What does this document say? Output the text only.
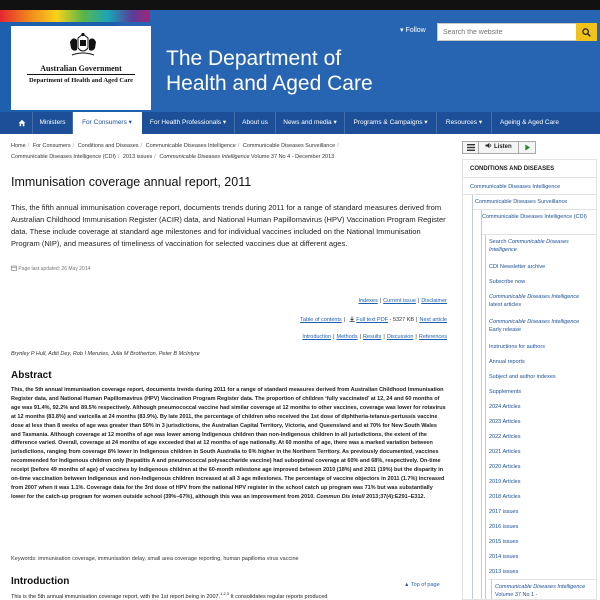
Australian Government
Department of Health and Aged Care
The Department of
Health and Aged Care
▾ Follow
Search the website
Ministers	For Consumers ▾	For Health Professionals ▾	About us	News and media ▾	Programs & Campaigns ▾	Resources ▾	Ageing & Aged Care
Home / For Consumers / Conditions and Diseases / Communicable Diseases Intelligence / Communicable Diseases Surveillance /
Communicable Diseases Intelligence (CDI) / 2013 issues / Communicable Diseases Intelligence Volume 37 No 4 - December 2013
Immunisation coverage annual report, 2011

This, the fifth annual immunisation coverage report, documents trends during 2011 for a range of standard measures derived from Australian Childhood Immunisation Register (ACIR) data, and National Human Papillomavirus (HPV) Vaccination Program Register data. These include coverage at standard age milestones and for individual vaccines included on the National Immunisation Program (NIP), and measures of timeliness of vaccination for selected vaccines due at different ages.

Page last updated: 26 May 2014
Indexes | Current issue | Disclaimer
Table of contents | Full text PDF - 5327 KB | Next article
Introduction | Methods | Results | Discussion | References
Brynley P Hull, Aditi Dey, Rob I Menzies, Julia M Brotherton, Peter B McIntyre
Abstract

This, the 5th annual immunisation coverage report, documents trends during 2011 for a range of standard measures derived from Australian Childhood Immunisation Register data, and National Human Papillomavirus (HPV) Vaccination Program Register data. The proportion of children ‘fully vaccinated’ at 12, 24 and 60 months of age was 91.4%, 92.2% and 89.5% respectively. Although pneumococcal vaccine had similar coverage at 12 months to other vaccines, coverage was lower for rotavirus at 12 months (83.8%) and varicella at 24 months (83.9%). By late 2011, the percentage of children who received the 1st dose of diphtheria-tetanus-pertussis vaccine dose at less than 8 weeks of age was greater than 50% in 3 jurisdictions, the Australian Capital Territory, Victoria, and Queensland and at 70% for New South Wales and Tasmania. Although coverage at 12 months of age was lower among Indigenous children than non-Indigenous children in all jurisdictions, the extent of the difference varied. Overall, coverage at 24 months of age exceeded that at 12 months of age nationally. At 60 months of age, there was a marked variation between jurisdictions, ranging from coverage 8% lower in Indigenous children in South Australia to 6% higher in the Northern Territory. As previously documented, vaccines recommended for Indigenous children only (hepatitis A and pneumococcal polysaccharide vaccine) had suboptimal coverage at 60% and 68%, respectively. On-time receipt (before 49 months of age) of vaccines by Indigenous children at the 60-month milestone age improved between 2010 (18%) and 2011 (19%) but the disparity in on-time vaccination between Indigenous and non-Indigenous children increased at all 3 age milestones. The percentage of vaccine objectors in 2011 (1.7%) increased from 2007 when it was 1.1%. Coverage data for the 3rd dose of HPV from the national HPV register in the school catch up program was 71% but was substantially lower for the catch-up program for women outside school (39%–67%), although this was an improvement from 2010. Commun Dis Intell 2013;37(4):E291–E312.

Keywords: immunisation coverage, immunisation delay, small area coverage reporting, human papilloma virus vaccine
Introduction	▲ Top of page
This is the 5th annual immunisation coverage report, with the 1st report being in 2007.$^{1,2,3}$ It consolidates regular reports produced
Listen
CONDITIONS AND DISEASES
Communicable Diseases Intelligence
Communicable Diseases Surveillance
Communicable Diseases Intelligence (CDI)
Search Communicable Diseases Intelligence
CDI Newsletter archive
Subscribe now
Communicable Diseases Intelligence latest articles
Communicable Diseases Intelligence Early release
Instructions for authors
Annual reports
Subject and author indexes
Supplements
2024 Articles
2023 Articles
2022 Articles
2021 Articles
2020 Articles
2019 Articles
2018 Articles
2017 issues
2016 issues
2015 issues
2014 issues
2013 issues
Communicable Diseases Intelligence Volume 37 No 1 -
